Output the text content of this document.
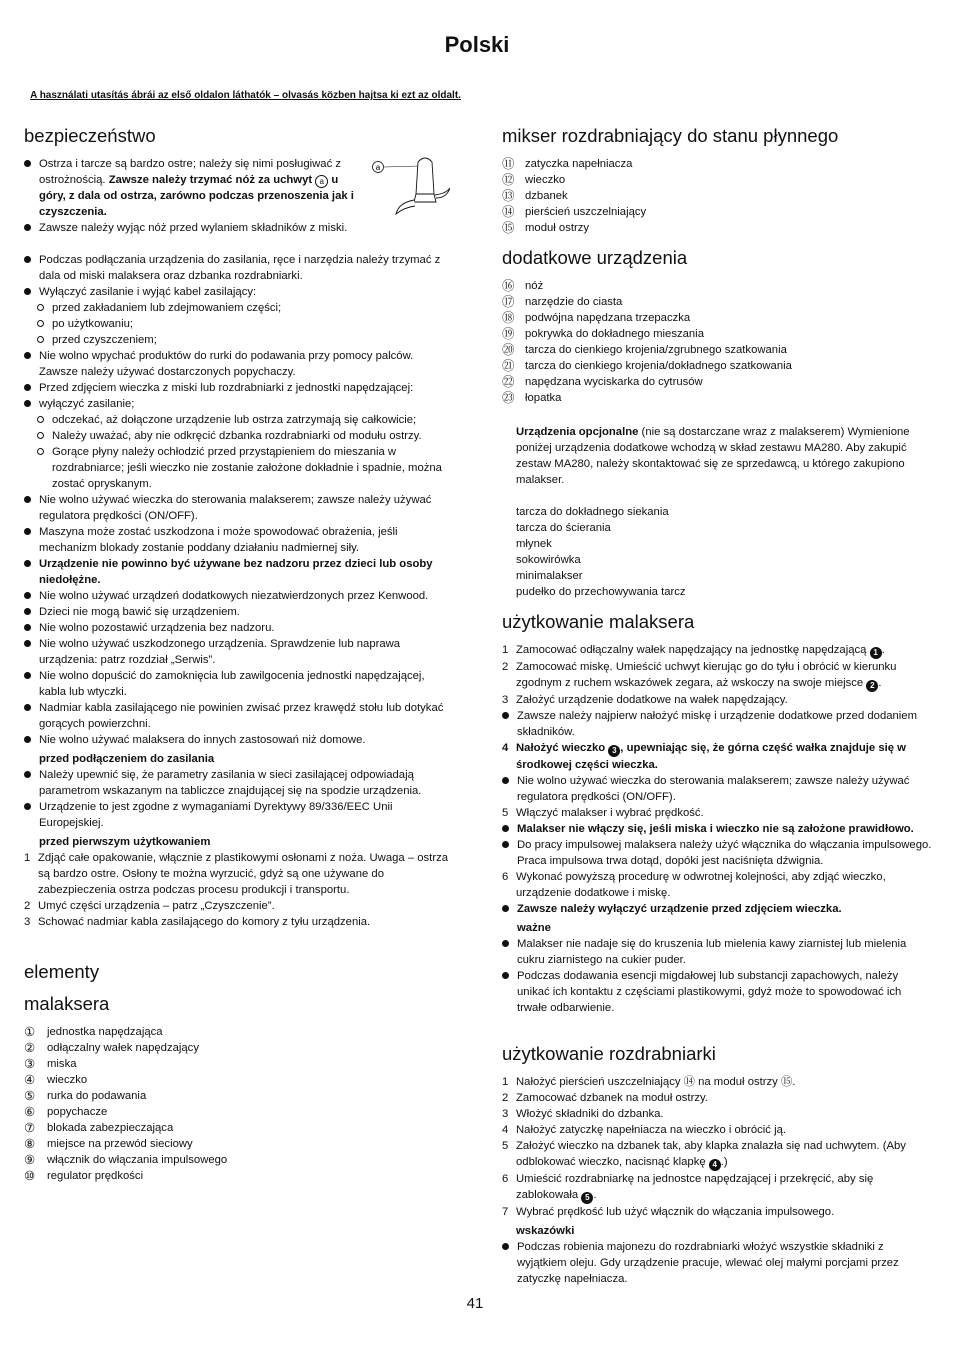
Polski
A használati utasítás ábrái az első oldalon láthatók – olvasás közben hajtsa ki ezt az oldalt.
bezpieczeństwo
Ostrza i tarcze są bardzo ostre; należy się nimi posługiwać z ostrożnością. Zawsze należy trzymać nóż za uchwyt a u góry, z dala od ostrza, zarówno podczas przenoszenia jak i czyszczenia.
Zawsze należy wyjąc nóż przed wylaniem składników z miski.
a
Podczas podłączania urządzenia do zasilania, ręce i narzędzia należy trzymać z dala od miski malaksera oraz dzbanka rozdrabniarki.
Wyłączyć zasilanie i wyjąć kabel zasilający:
przed zakładaniem lub zdejmowaniem części;
po użytkowaniu;
przed czyszczeniem;
Nie wolno wpychać produktów do rurki do podawania przy pomocy palców. Zawsze należy używać dostarczonych popychaczy.
Przed zdjęciem wieczka z miski lub rozdrabniarki z jednostki napędzającej:
wyłączyć zasilanie;
odczekać, aż dołączone urządzenie lub ostrza zatrzymają się całkowicie;
Należy uważać, aby nie odkręcić dzbanka rozdrabniarki od modułu ostrzy.
Gorące płyny należy ochłodzić przed przystąpieniem do mieszania w rozdrabniarce; jeśli wieczko nie zostanie założone dokładnie i spadnie, można zostać opryskanym.
Nie wolno używać wieczka do sterowania malakserem; zawsze należy używać regulatora prędkości (ON/OFF).
Maszyna może zostać uszkodzona i może spowodować obrażenia, jeśli mechanizm blokady zostanie poddany działaniu nadmiernej siły.
Urządzenie nie powinno być używane bez nadzoru przez dzieci lub osoby niedołężne.
Nie wolno używać urządzeń dodatkowych niezatwierdzonych przez Kenwood.
Dzieci nie mogą bawić się urządzeniem.
Nie wolno pozostawić urządzenia bez nadzoru.
Nie wolno używać uszkodzonego urządzenia. Sprawdzenie lub naprawa urządzenia: patrz rozdział „Serwis”.
Nie wolno dopuścić do zamoknięcia lub zawilgocenia jednostki napędzającej, kabla lub wtyczki.
Nadmiar kabla zasilającego nie powinien zwisać przez krawędź stołu lub dotykać gorących powierzchni.
Nie wolno używać malaksera do innych zastosowań niż domowe.
przed podłączeniem do zasilania
Należy upewnić się, że parametry zasilania w sieci zasilającej odpowiadają parametrom wskazanym na tabliczce znajdującej się na spodzie urządzenia.
Urządzenie to jest zgodne z wymaganiami Dyrektywy 89/336/EEC Unii Europejskiej.
przed pierwszym użytkowaniem
1 Zdjąć całe opakowanie, włącznie z plastikowymi osłonami z noża. Uwaga – ostrza są bardzo ostre. Osłony te można wyrzucić, gdyż są one używane do zabezpieczenia ostrza podczas procesu produkcji i transportu.
2 Umyć części urządzenia – patrz „Czyszczenie”.
3 Schować nadmiar kabla zasilającego do komory z tyłu urządzenia.
elementy
malaksera
① jednostka napędzająca
② odłączalny wałek napędzający
③ miska
④ wieczko
⑤ rurka do podawania
⑥ popychacze
⑦ blokada zabezpieczająca
⑧ miejsce na przewód sieciowy
⑨ włącznik do włączania impulsowego
⑩ regulator prędkości
mikser rozdrabniający do stanu płynnego
⑪ zatyczka napełniacza
⑫ wieczko
⑬ dzbanek
⑭ pierścień uszczelniający
⑮ moduł ostrzy
dodatkowe urządzenia
⑯ nóż
⑰ narzędzie do ciasta
⑱ podwójna napędzana trzepaczka
⑲ pokrywka do dokładnego mieszania
⑳ tarcza do cienkiego krojenia/zgrubnego szatkowania
㉑ tarcza do cienkiego krojenia/dokładnego szatkowania
㉒ napędzana wyciskarka do cytrusów
㉓ łopatka
Urządzenia opcjonalne (nie są dostarczane wraz z malakserem) Wymienione poniżej urządzenia dodatkowe wchodzą w skład zestawu MA280. Aby zakupić zestaw MA280, należy skontaktować się ze sprzedawcą, u którego zakupiono malakser.
tarcza do dokładnego siekania
tarcza do ścierania
młynek
sokowirówka
minimalakser
pudełko do przechowywania tarcz
użytkowanie malaksera
1 Zamocować odłączalny wałek napędzający na jednostkę napędzającą 1 .
2 Zamocować miskę. Umieścić uchwyt kierując go do tyłu i obrócić w kierunku zgodnym z ruchem wskazówek zegara, aż wskoczy na swoje miejsce 2 .
3 Założyć urządzenie dodatkowe na wałek napędzający.
Zawsze należy najpierw nałożyć miskę i urządzenie dodatkowe przed dodaniem składników.
4 Nałożyć wieczko 3 , upewniając się, że górna część wałka znajduje się w środkowej części wieczka.
Nie wolno używać wieczka do sterowania malakserem; zawsze należy używać regulatora prędkości (ON/OFF).
5 Włączyć malakser i wybrać prędkość.
Malakser nie włączy się, jeśli miska i wieczko nie są założone prawidłowo.
Do pracy impulsowej malaksera należy użyć włącznika do włączania impulsowego. Praca impulsowa trwa dotąd, dopóki jest naciśnięta dźwignia.
6 Wykonać powyższą procedurę w odwrotnej kolejności, aby zdjąć wieczko, urządzenie dodatkowe i miskę.
Zawsze należy wyłączyć urządzenie przed zdjęciem wieczka.
ważne
Malakser nie nadaje się do kruszenia lub mielenia kawy ziarnistej lub mielenia cukru ziarnistego na cukier puder.
Podczas dodawania esencji migdałowej lub substancji zapachowych, należy unikać ich kontaktu z częściami plastikowymi, gdyż może to spowodować ich trwałe odbarwienie.
użytkowanie rozdrabniarki
1 Nałożyć pierścień uszczelniający ⑭ na moduł ostrzy ⑮.
2 Zamocować dzbanek na moduł ostrzy.
3 Włożyć składniki do dzbanka.
4 Nałożyć zatyczkę napełniacza na wieczko i obrócić ją.
5 Założyć wieczko na dzbanek tak, aby klapka znalazła się nad uchwytem. (Aby odblokować wieczko, nacisnąć klapkę 4 .)
6 Umieścić rozdrabniarkę na jednostce napędzającej i przekręcić, aby się zablokowała 5 .
7 Wybrać prędkość lub użyć włącznik do włączania impulsowego.
wskazówki
Podczas robienia majonezu do rozdrabniarki włożyć wszystkie składniki z wyjątkiem oleju. Gdy urządzenie pracuje, wlewać olej małymi porcjami przez zatyczkę napełniacza.
41
